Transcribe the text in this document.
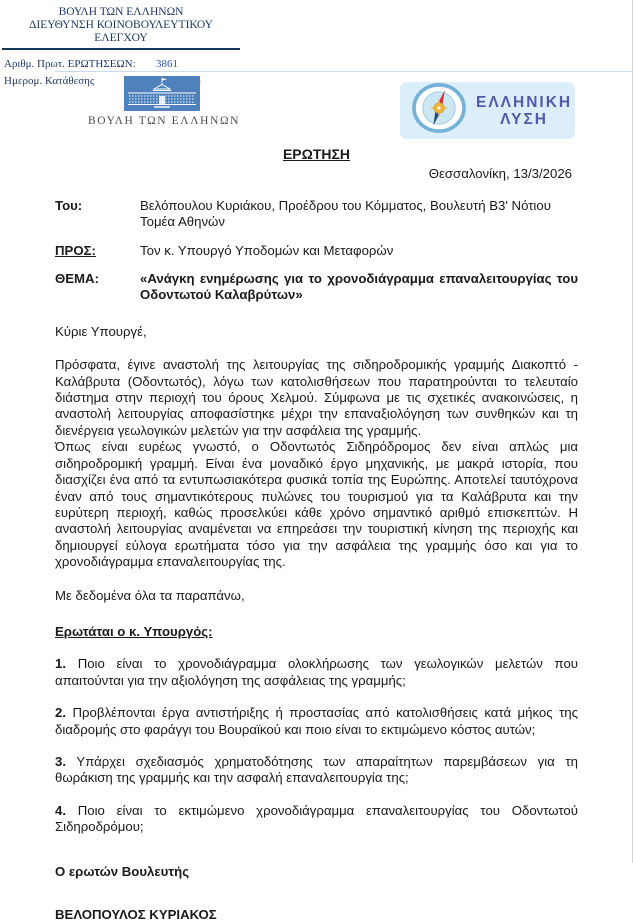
ΒΟΥΛΗ ΤΩΝ ΕΛΛΗΝΩΝ
ΔΙΕΥΘΥΝΣΗ ΚΟΙΝΟΒΟΥΛΕΥΤΙΚΟΥ ΕΛΕΓΧΟΥ
Αριθμ. Πρωτ. ΕΡΩΤΗΣΕΩΝ:	3861
Ημερομ. Κατάθεσης
ΒΟΥΛΗ ΤΩΝ ΕΛΛΗΝΩΝ
ΕΛΛΗΝΙΚΗ
ΛΥΣΗ
ΕΡΩΤΗΣΗ
Θεσσαλονίκη, 13/3/2026
Του:	Βελόπουλου Κυριάκου, Προέδρου του Κόμματος, Βουλευτή Β3' Νότιου Τομέα Αθηνών
ΠΡΟΣ:	Τον κ. Υπουργό Υποδομών και Μεταφορών
ΘΕΜΑ:	«Ανάγκη ενημέρωσης για το χρονοδιάγραμμα επαναλειτουργίας του Οδοντωτού Καλαβρύτων»
Κύριε Υπουργέ,

Πρόσφατα, έγινε αναστολή της λειτουργίας της σιδηροδρομικής γραμμής Διακοπτό - Καλάβρυτα (Οδοντωτός), λόγω των κατολισθήσεων που παρατηρούνται το τελευταίο διάστημα στην περιοχή του όρους Χελμού. Σύμφωνα με τις σχετικές ανακοινώσεις, η αναστολή λειτουργίας αποφασίστηκε μέχρι την επαναξιολόγηση των συνθηκών και τη διενέργεια γεωλογικών μελετών για την ασφάλεια της γραμμής.

Όπως είναι ευρέως γνωστό, ο Οδοντωτός Σιδηρόδρομος δεν είναι απλώς μια σιδηροδρομική γραμμή. Είναι ένα μοναδικό έργο μηχανικής, με μακρά ιστορία, που διασχίζει ένα από τα εντυπωσιακότερα φυσικά τοπία της Ευρώπης. Αποτελεί ταυτόχρονα έναν από τους σημαντικότερους πυλώνες του τουρισμού για τα Καλάβρυτα και την ευρύτερη περιοχή, καθώς προσελκύει κάθε χρόνο σημαντικό αριθμό επισκεπτών. Η αναστολή λειτουργίας αναμένεται να επηρεάσει την τουριστική κίνηση της περιοχής και δημιουργεί εύλογα ερωτήματα τόσο για την ασφάλεια της γραμμής όσο και για το χρονοδιάγραμμα επαναλειτουργίας της.

Με δεδομένα όλα τα παραπάνω,
Ερωτάται ο κ. Υπουργός:
1. Ποιο είναι το χρονοδιάγραμμα ολοκλήρωσης των γεωλογικών μελετών που απαιτούνται για την αξιολόγηση της ασφάλειας της γραμμής;
2. Προβλέπονται έργα αντιστήριξης ή προστασίας από κατολισθήσεις κατά μήκος της διαδρομής στο φαράγγι του Βουραϊκού και ποιο είναι το εκτιμώμενο κόστος αυτών;
3. Υπάρχει σχεδιασμός χρηματοδότησης των απαραίτητων παρεμβάσεων για τη θωράκιση της γραμμής και την ασφαλή επαναλειτουργία της;
4. Ποιο είναι το εκτιμώμενο χρονοδιάγραμμα επαναλειτουργίας του Οδοντωτού Σιδηροδρόμου;
Ο ερωτών Βουλευτής
ΒΕΛΟΠΟΥΛΟΣ ΚΥΡΙΑΚΟΣ
